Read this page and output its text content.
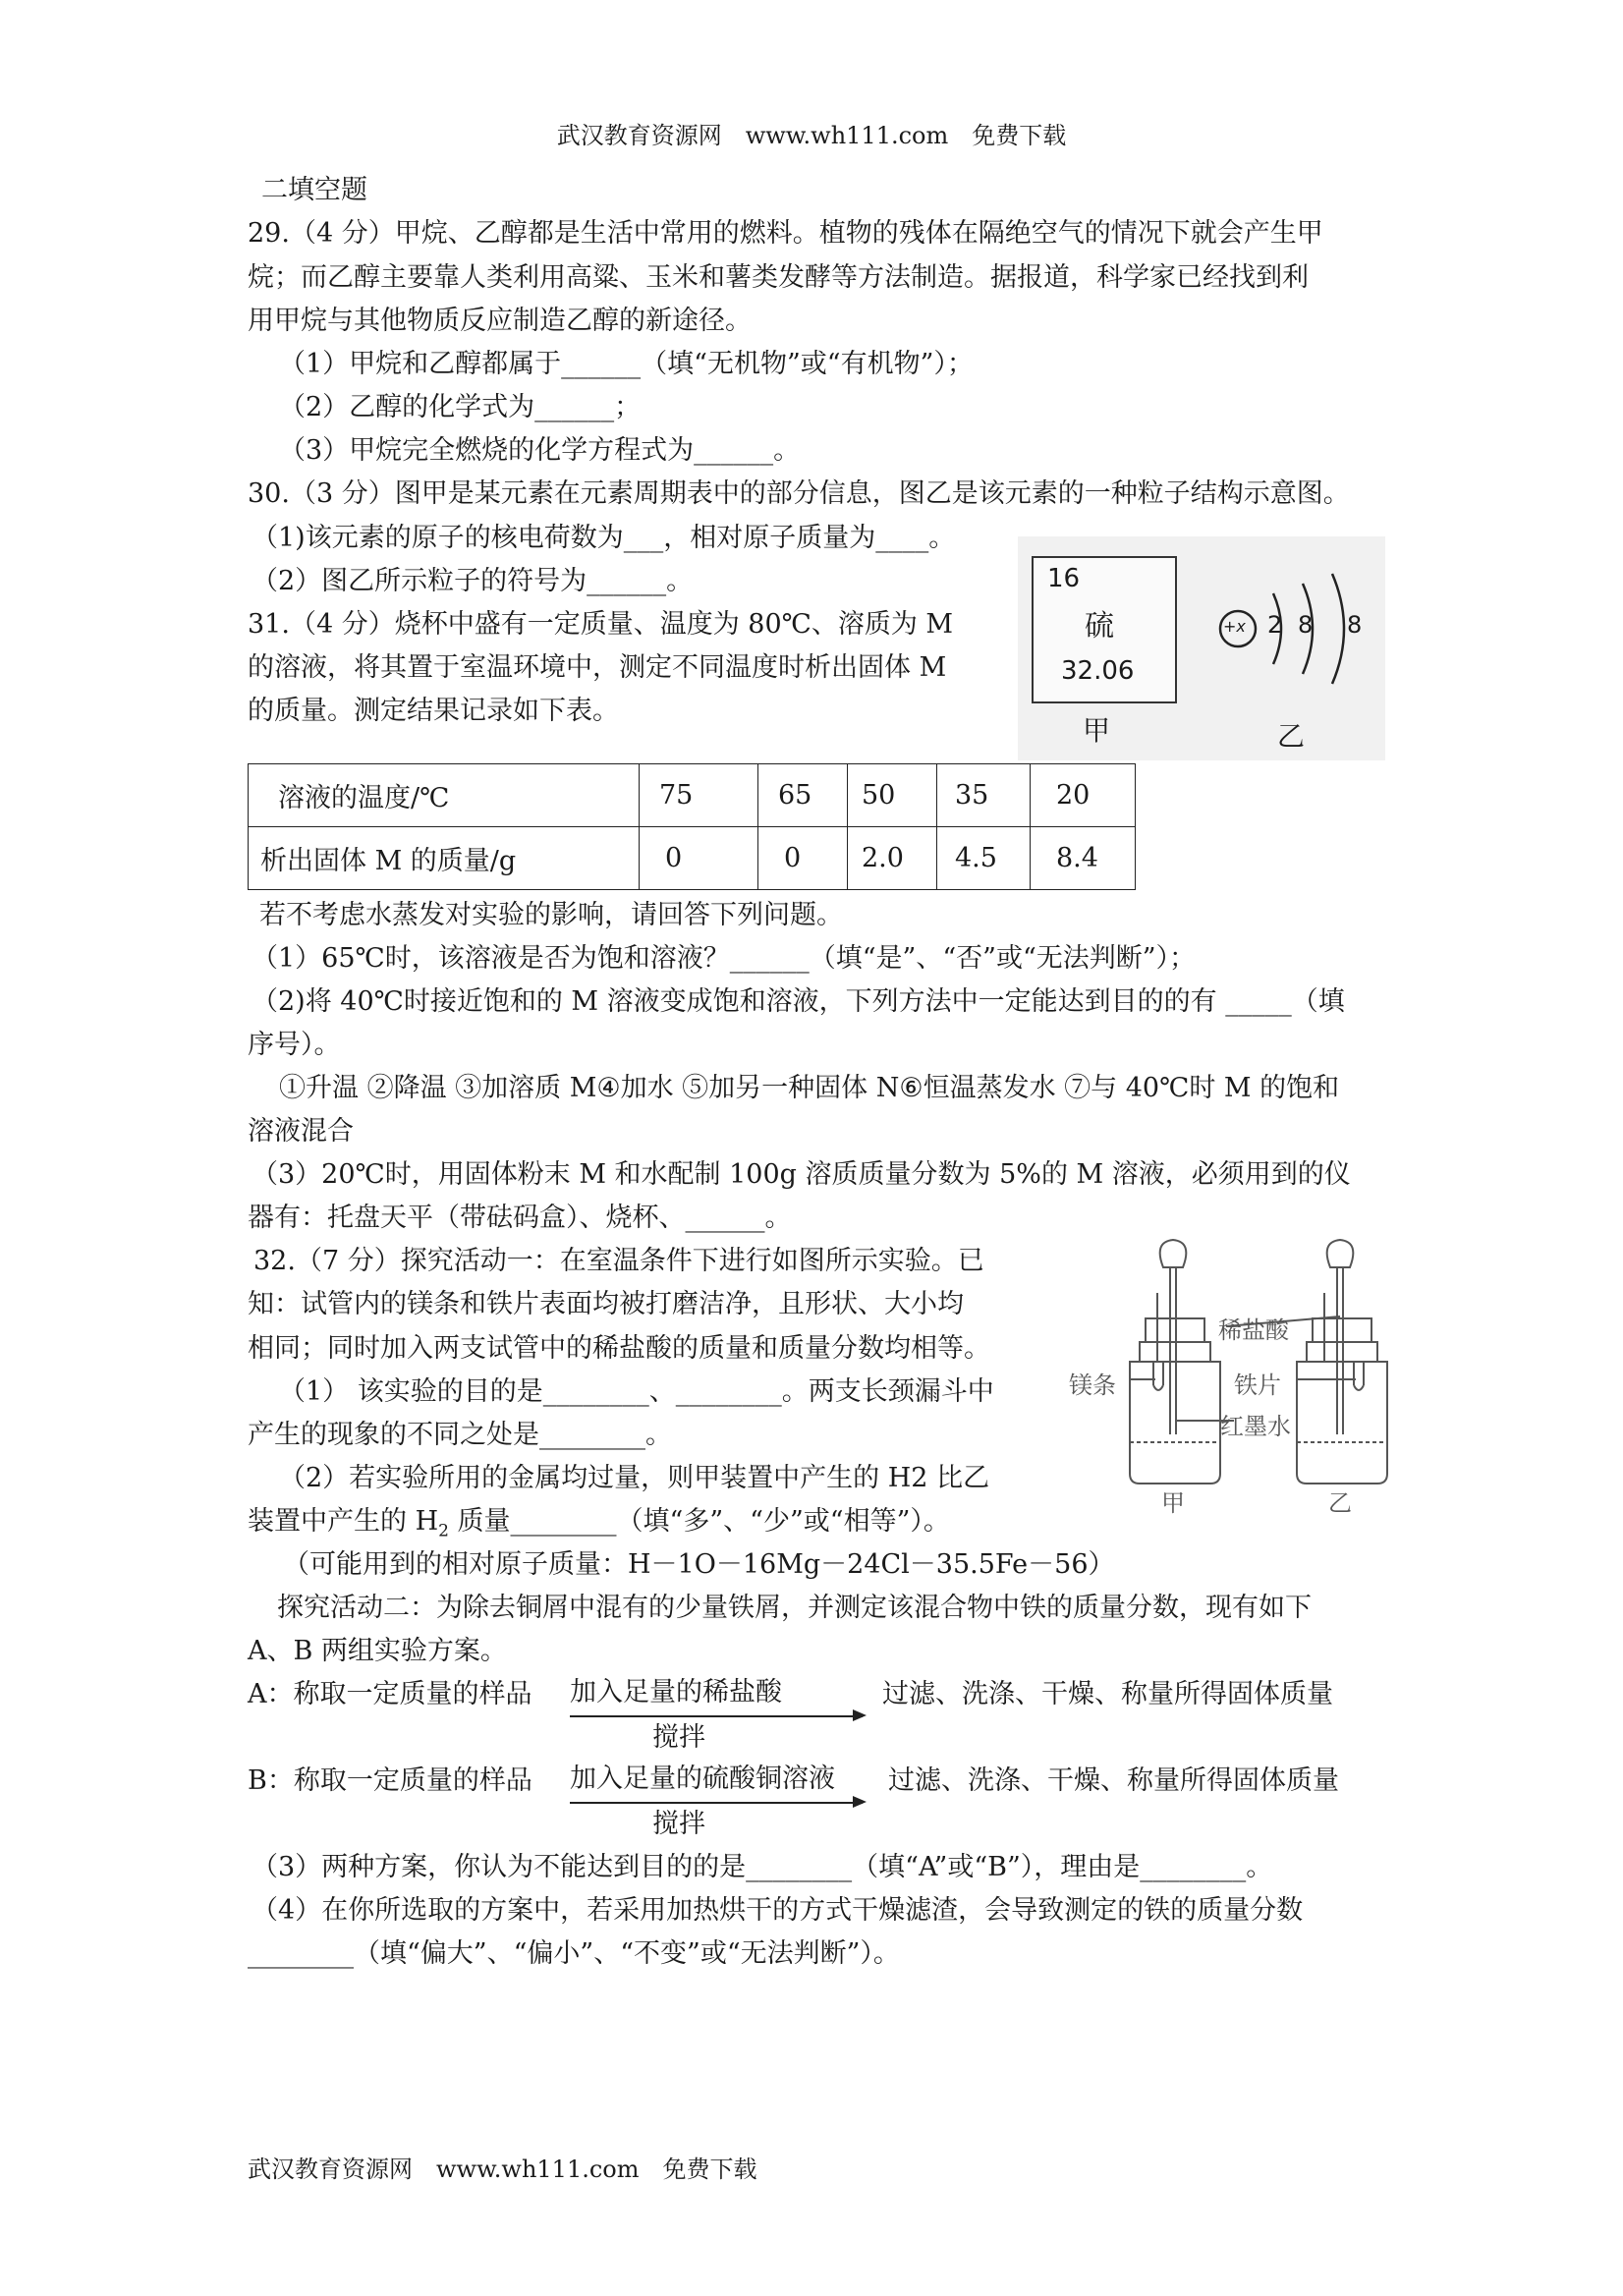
武汉教育资源网　www.wh111.com　免费下载
二填空题
29.（4 分）甲烷、乙醇都是生活中常用的燃料。植物的残体在隔绝空气的情况下就会产生甲
烷；而乙醇主要靠人类利用高粱、玉米和薯类发酵等方法制造。据报道，科学家已经找到利
用甲烷与其他物质反应制造乙醇的新途径。
（1）甲烷和乙醇都属于______（填“无机物”或“有机物”）；
（2）乙醇的化学式为______；
（3）甲烷完全燃烧的化学方程式为______。
30.（3 分）图甲是某元素在元素周期表中的部分信息，图乙是该元素的一种粒子结构示意图。
（1)该元素的原子的核电荷数为___，相对原子质量为____。
（2）图乙所示粒子的符号为______。	16
硫
32.06
甲
+x 2 8 8
乙
31.（4 分）烧杯中盛有一定质量、温度为 80℃、溶质为 M
的溶液，将其置于室温环境中，测定不同温度时析出固体 M
的质量。测定结果记录如下表。
溶液的温度/℃	75	65	50	35	20
析出固体 M 的质量/g	0	0	2.0	4.5	8.4
若不考虑水蒸发对实验的影响，请回答下列问题。
（1）65℃时，该溶液是否为饱和溶液？______（填“是”、“否”或“无法判断”）；
（2)将 40℃时接近饱和的 M 溶液变成饱和溶液，下列方法中一定能达到目的的有 _____（填
序号）。
①升温 ②降温 ③加溶质 M④加水 ⑤加另一种固体 N⑥恒温蒸发水 ⑦与 40℃时 M 的饱和
溶液混合
（3）20℃时，用固体粉末 M 和水配制 100g 溶质质量分数为 5%的 M 溶液，必须用到的仪
器有：托盘天平（带砝码盒）、烧杯、______。
32.（7 分）探究活动一：在室温条件下进行如图所示实验。已
知：试管内的镁条和铁片表面均被打磨洁净，且形状、大小均
相同；同时加入两支试管中的稀盐酸的质量和质量分数均相等。
（1） 该实验的目的是________、________。两支长颈漏斗中
产生的现象的不同之处是________。
（2）若实验所用的金属均过量，则甲装置中产生的 H2 比乙
装置中产生的 $H_2$ 质量________（填“多”、“少”或“相等”）。
（可能用到的相对原子质量：H－1O－16Mg－24Cl－35.5Fe－56）
镁条
稀盐酸
铁片
红墨水
甲	乙
探究活动二：为除去铜屑中混有的少量铁屑，并测定该混合物中铁的质量分数，现有如下
A、B 两组实验方案。
A：称取一定质量的样品 加入足量的稀盐酸
搅拌
过滤、洗涤、干燥、称量所得固体质量
B：称取一定质量的样品 加入足量的硫酸铜溶液
搅拌
过滤、洗涤、干燥、称量所得固体质量
（3）两种方案，你认为不能达到目的的是________（填“A”或“B”），理由是________。
（4）在你所选取的方案中，若采用加热烘干的方式干燥滤渣，会导致测定的铁的质量分数
________（填“偏大”、“偏小”、“不变”或“无法判断”）。
武汉教育资源网　www.wh111.com　免费下载
